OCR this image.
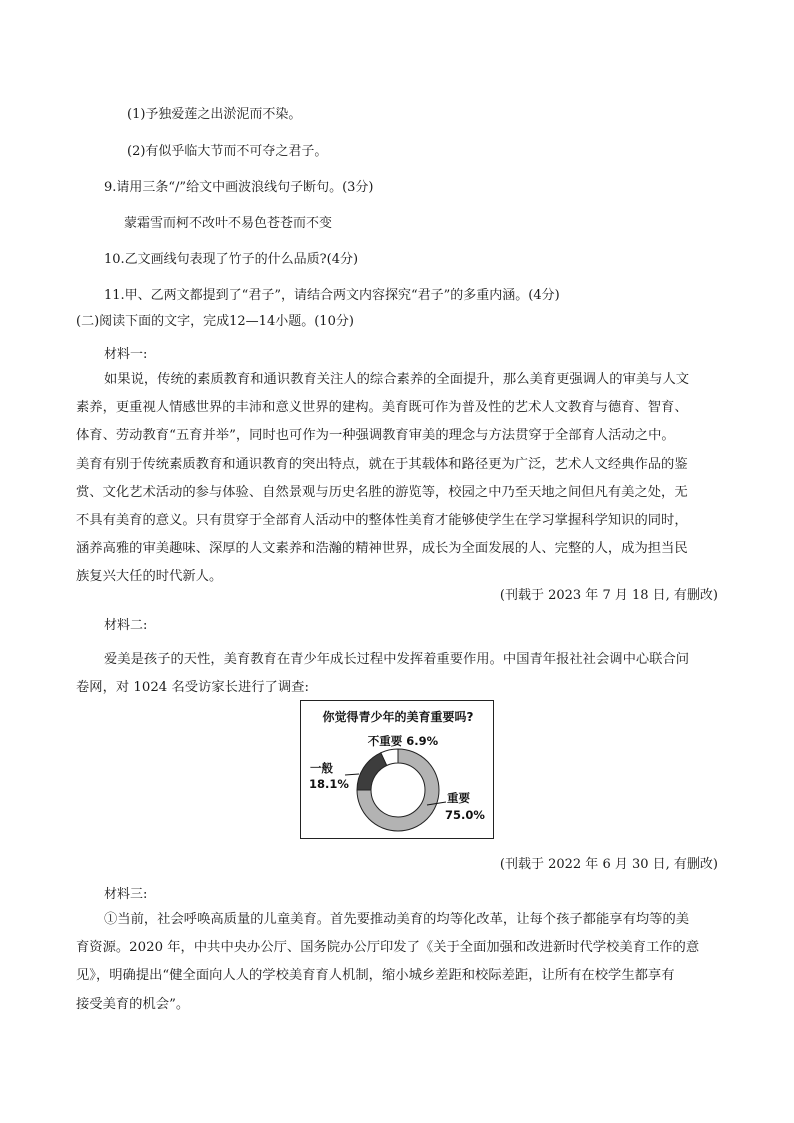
(1)予独爱莲之出淤泥而不染。

(2)有似乎临大节而不可夺之君子。

9.请用三条“/”给文中画波浪线句子断句。(3分)

蒙霜雪而柯不改叶不易色苍苍而不变

10.乙文画线句表现了竹子的什么品质?(4分)

11.甲、乙两文都提到了“君子”，请结合两文内容探究“君子”的多重内涵。(4分)

(二)阅读下面的文字，完成12—14小题。(10分)

材料一:

如果说，传统的素质教育和通识教育关注人的综合素养的全面提升，那么美育更强调人的审美与人文
素养，更重视人情感世界的丰沛和意义世界的建构。美育既可作为普及性的艺术人文教育与德育、智育、
体育、劳动教育“五育并举”，同时也可作为一种强调教育审美的理念与方法贯穿于全部育人活动之中。
美育有别于传统素质教育和通识教育的突出特点，就在于其载体和路径更为广泛，艺术人文经典作品的鉴
赏、文化艺术活动的参与体验、自然景观与历史名胜的游览等，校园之中乃至天地之间但凡有美之处，无
不具有美育的意义。只有贯穿于全部育人活动中的整体性美育才能够使学生在学习掌握科学知识的同时，
涵养高雅的审美趣味、深厚的人文素养和浩瀚的精神世界，成长为全面发展的人、完整的人，成为担当民
族复兴大任的时代新人。

(刊载于 2023 年 7 月 18 日, 有删改)

材料二:

爱美是孩子的天性，美育教育在青少年成长过程中发挥着重要作用。中国青年报社社会调中心联合问
卷网，对 1024 名受访家长进行了调查:
你觉得青少年的美育重要吗?
不重要 6.9%
一般
18.1%
重要
75.0%

(刊载于 2022 年 6 月 30 日, 有删改)

材料三:

①当前，社会呼唤高质量的儿童美育。首先要推动美育的均等化改革，让每个孩子都能享有均等的美
育资源。2020 年，中共中央办公厅、国务院办公厅印发了《关于全面加强和改进新时代学校美育工作的意
见》，明确提出“健全面向人人的学校美育育人机制，缩小城乡差距和校际差距，让所有在校学生都享有
接受美育的机会”。
